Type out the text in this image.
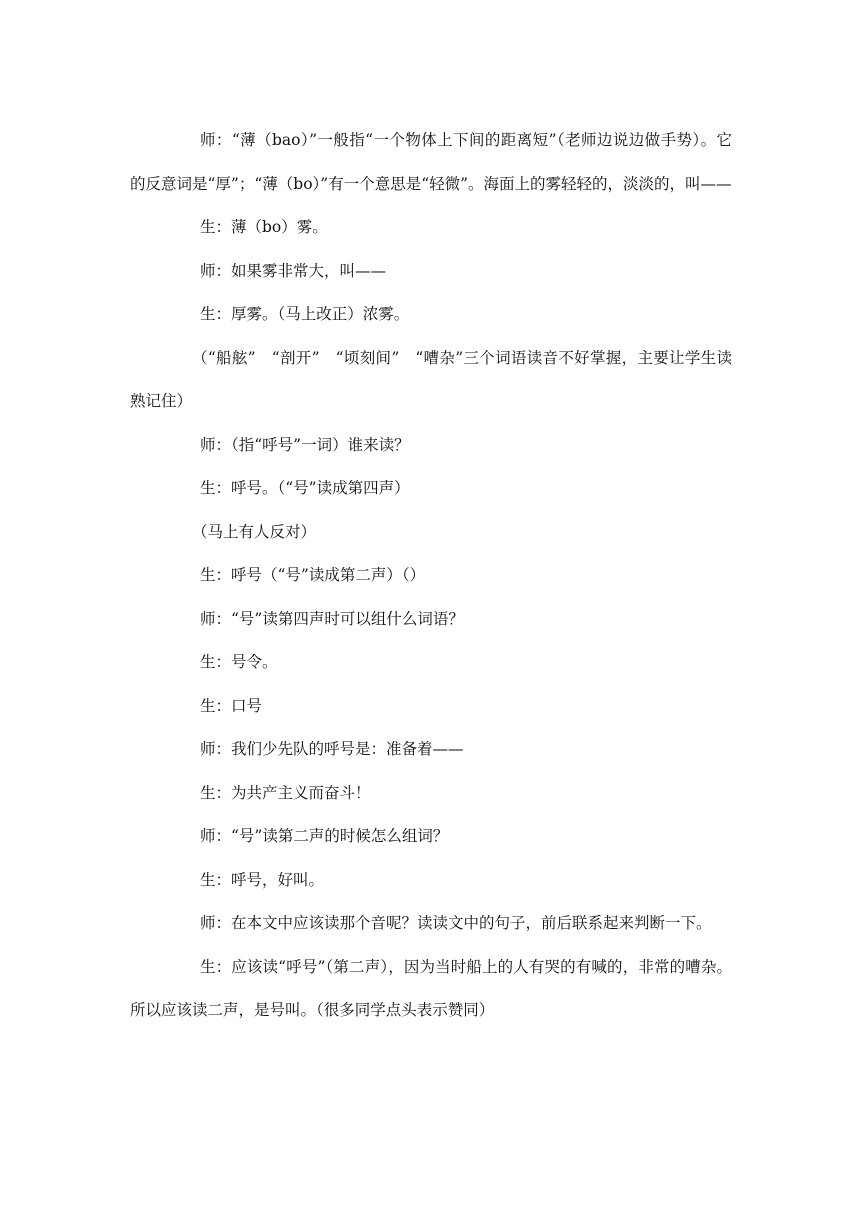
师：“薄（bao）”一般指“一个物体上下间的距离短”（老师边说边做手势）。它的反意词是“厚”；“薄（bo）”有一个意思是“轻微”。海面上的雾轻轻的，淡淡的，叫——

生：薄（bo）雾。

师：如果雾非常大，叫——

生：厚雾。（马上改正）浓雾。

（“船舷”　“剖开”　“顷刻间”　“嘈杂”三个词语读音不好掌握，主要让学生读熟记住）

师：（指“呼号”一词）谁来读？

生：呼号。（“号”读成第四声）

（马上有人反对）

生：呼号（“号”读成第二声）（）

师：“号”读第四声时可以组什么词语？

生：号令。

生：口号

师：我们少先队的呼号是：准备着——

生：为共产主义而奋斗！

师：“号”读第二声的时候怎么组词？

生：呼号，好叫。

师：在本文中应该读那个音呢？读读文中的句子，前后联系起来判断一下。

生：应该读“呼号”（第二声），因为当时船上的人有哭的有喊的，非常的嘈杂。所以应该读二声，是号叫。（很多同学点头表示赞同）
